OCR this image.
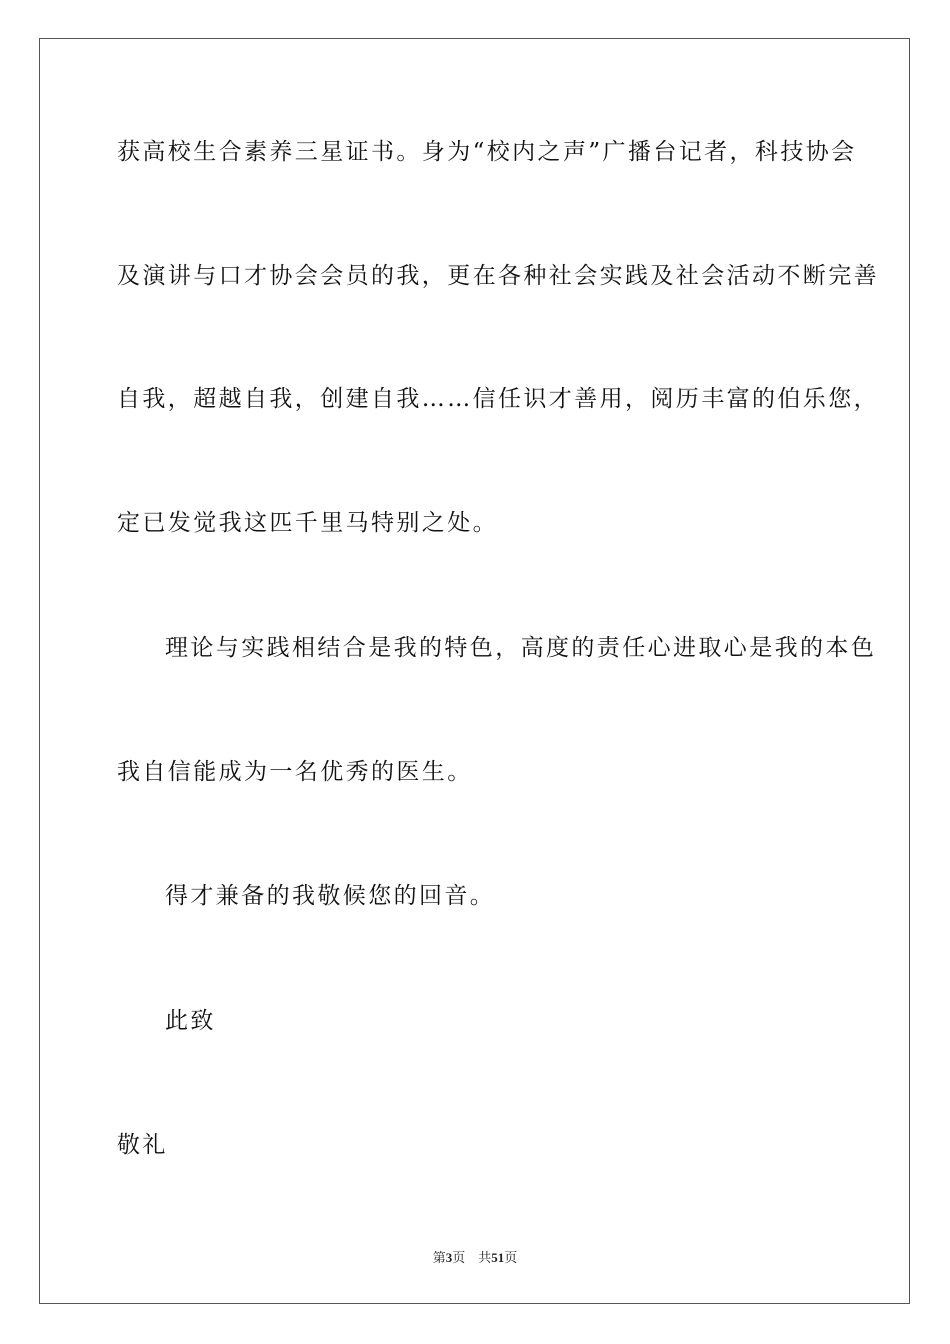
获高校生合素养三星证书。身为“校内之声”广播台记者，科技协会
及演讲与口才协会会员的我，更在各种社会实践及社会活动不断完善
自我，超越自我，创建自我……信任识才善用，阅历丰富的伯乐您，
定已发觉我这匹千里马特别之处。
理论与实践相结合是我的特色，高度的责任心进取心是我的本色
我自信能成为一名优秀的医生。
得才兼备的我敬候您的回音。
此致
敬礼
第3页 共51页
